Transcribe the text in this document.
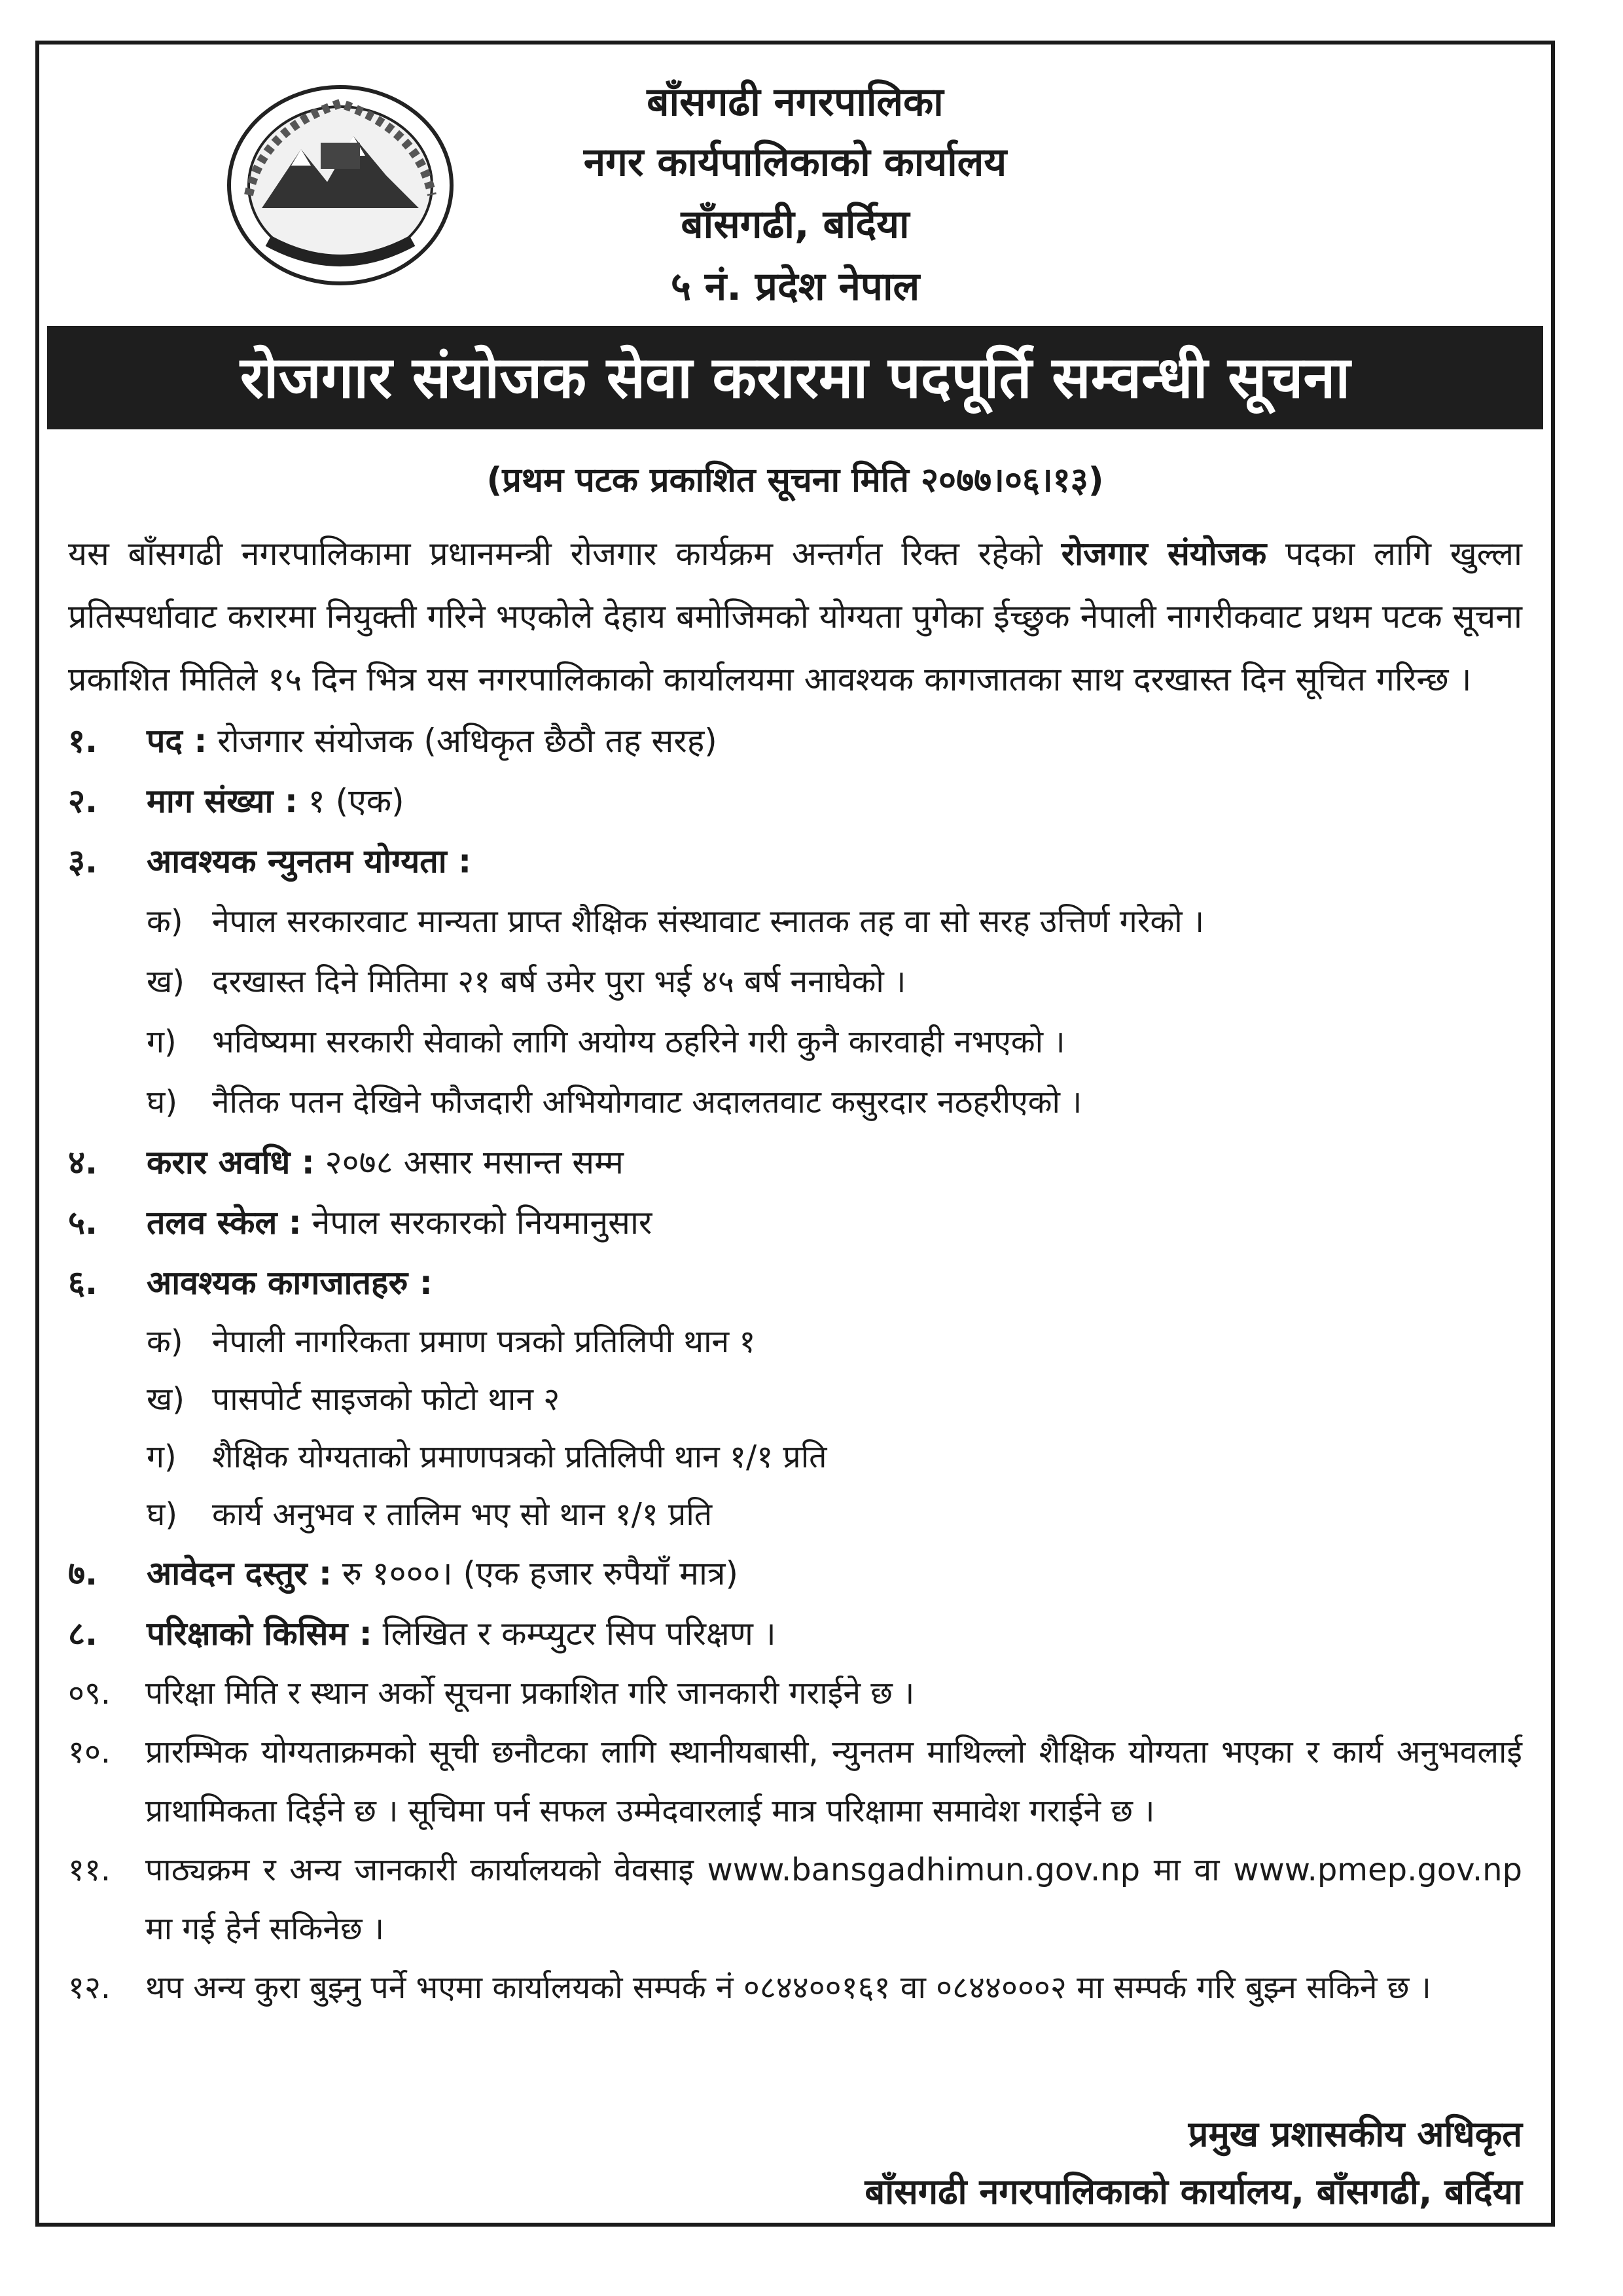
बाँसगढी नगरपालिका
नगर कार्यपालिकाको कार्यालय
बाँसगढी, बर्दिया
५ नं. प्रदेश नेपाल
रोजगार संयोजक सेवा करारमा पदपूर्ति सम्वन्धी सूचना
(प्रथम पटक प्रकाशित सूचना मिति २०७७।०६।१३)
यस बाँसगढी नगरपालिकामा प्रधानमन्त्री रोजगार कार्यक्रम अन्तर्गत रिक्त रहेको रोजगार संयोजक पदका लागि खुल्ला प्रतिस्पर्धावाट करारमा नियुक्ती गरिने भएकोले देहाय बमोजिमको योग्यता पुगेका ईच्छुक नेपाली नागरीकवाट प्रथम पटक सूचना प्रकाशित मितिले १५ दिन भित्र यस नगरपालिकाको कार्यालयमा आवश्यक कागजातका साथ दरखास्त दिन सूचित गरिन्छ ।
१. पद : रोजगार संयोजक (अधिकृत छैठौ तह सरह)
२. माग संख्या : १ (एक)
३. आवश्यक न्युनतम योग्यता :
क) नेपाल सरकारवाट मान्यता प्राप्त शैक्षिक संस्थावाट स्नातक तह वा सो सरह उत्तिर्ण गरेको ।
ख) दरखास्त दिने मितिमा २१ बर्ष उमेर पुरा भई ४५ बर्ष ननाघेको ।
ग) भविष्यमा सरकारी सेवाको लागि अयोग्य ठहरिने गरी कुनै कारवाही नभएको ।
घ) नैतिक पतन देखिने फौजदारी अभियोगवाट अदालतवाट कसुरदार नठहरीएको ।
४. करार अवधि : २०७८ असार मसान्त सम्म
५. तलव स्केल : नेपाल सरकारको नियमानुसार
६. आवश्यक कागजातहरु :
क) नेपाली नागरिकता प्रमाण पत्रको प्रतिलिपी थान १
ख) पासपोर्ट साइजको फोटो थान २
ग) शैक्षिक योग्यताको प्रमाणपत्रको प्रतिलिपी थान १/१ प्रति
घ) कार्य अनुभव र तालिम भए सो थान १/१ प्रति
७. आवेदन दस्तुर : रु १०००। (एक हजार रुपैयाँ मात्र)
८. परिक्षाको किसिम : लिखित र कम्प्युटर सिप परिक्षण ।
०९. परिक्षा मिति र स्थान अर्को सूचना प्रकाशित गरि जानकारी गराईने छ ।
१०. प्रारम्भिक योग्यताक्रमको सूची छनौटका लागि स्थानीयबासी, न्युनतम माथिल्लो शैक्षिक योग्यता भएका र कार्य अनुभवलाई प्राथामिकता दिईने छ । सूचिमा पर्न सफल उम्मेदवारलाई मात्र परिक्षामा समावेश गराईने छ ।
११. पाठ्यक्रम र अन्य जानकारी कार्यालयको वेवसाइ www.bansgadhimun.gov.np मा वा www.pmep.gov.np मा गई हेर्न सकिनेछ ।
१२. थप अन्य कुरा बुझ्नु पर्ने भएमा कार्यालयको सम्पर्क नं ०८४४००१६१ वा ०८४४०००२ मा सम्पर्क गरि बुझ्न सकिने छ ।
प्रमुख प्रशासकीय अधिकृत
बाँसगढी नगरपालिकाको कार्यालय, बाँसगढी, बर्दिया
